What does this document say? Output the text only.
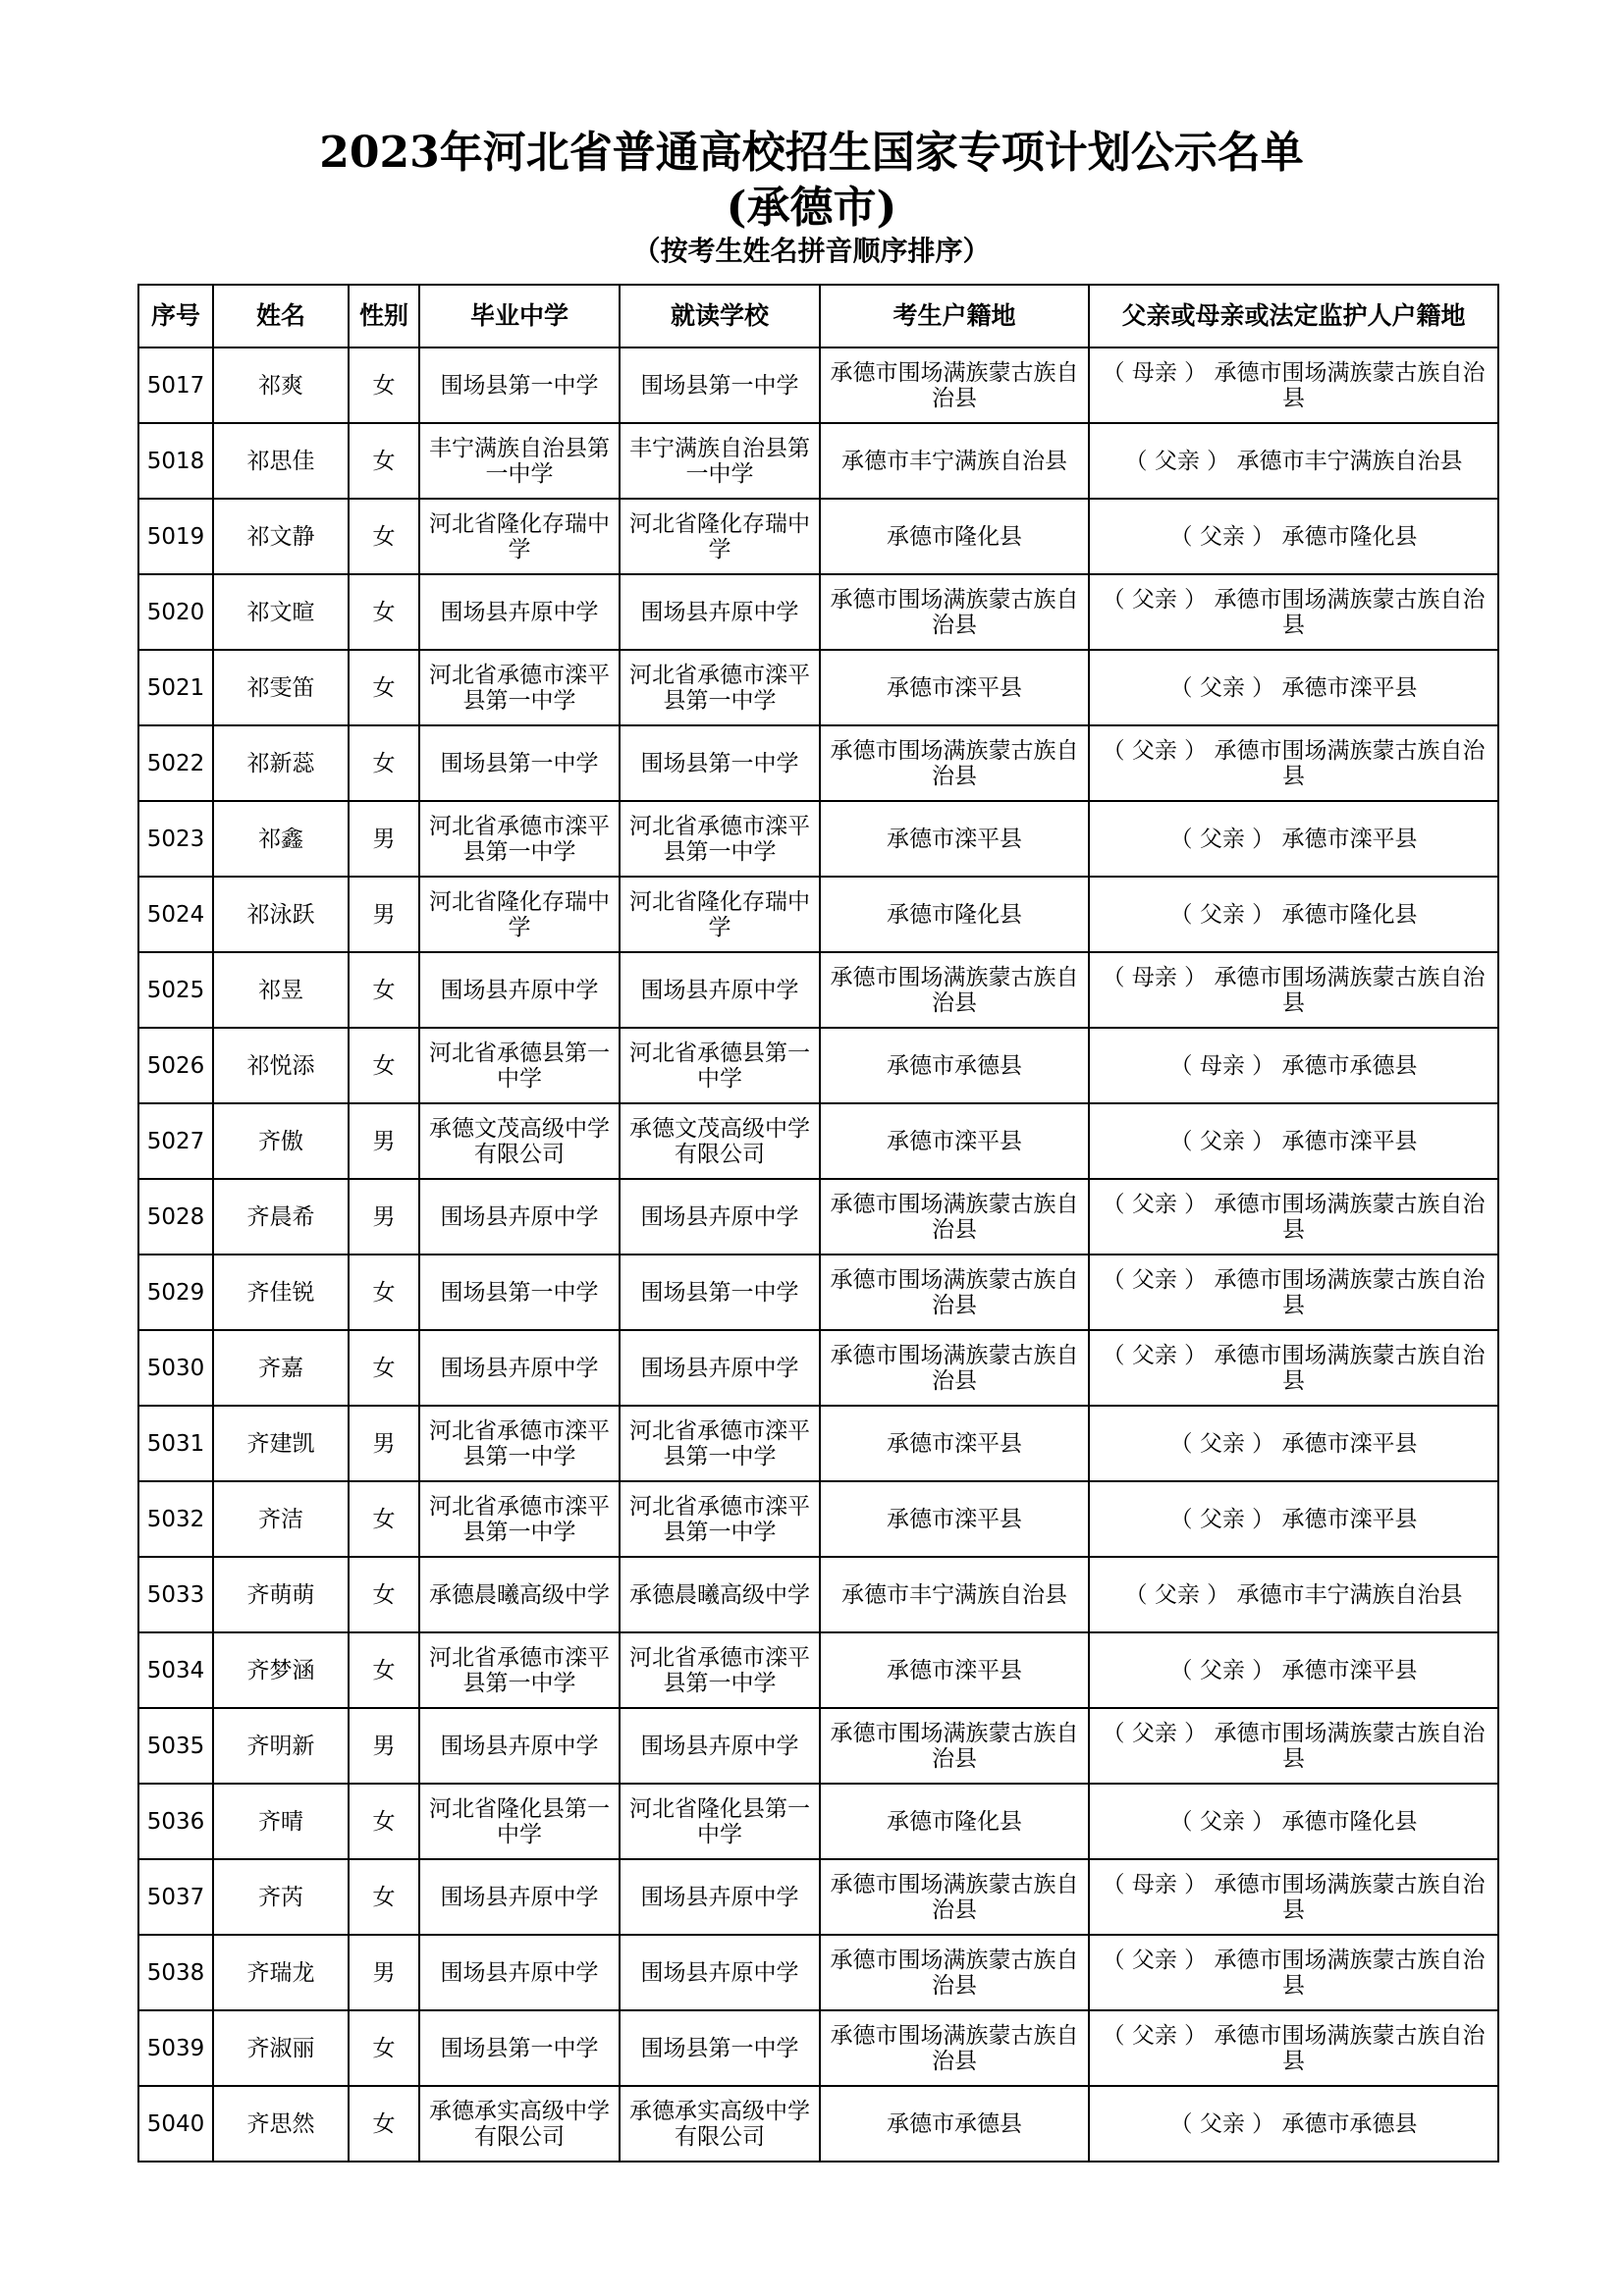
2023年河北省普通高校招生国家专项计划公示名单
(承德市)
（按考生姓名拼音顺序排序）
序号	姓名	性别	毕业中学	就读学校	考生户籍地	父亲或母亲或法定监护人户籍地
5017	祁爽	女	围场县第一中学	围场县第一中学	承德市围场满族蒙古族自治县	（ 母亲 ） 承德市围场满族蒙古族自治县
5018	祁思佳	女	丰宁满族自治县第一中学	丰宁满族自治县第一中学	承德市丰宁满族自治县	（ 父亲 ） 承德市丰宁满族自治县
5019	祁文静	女	河北省隆化存瑞中学	河北省隆化存瑞中学	承德市隆化县	（ 父亲 ） 承德市隆化县
5020	祁文暄	女	围场县卉原中学	围场县卉原中学	承德市围场满族蒙古族自治县	（ 父亲 ） 承德市围场满族蒙古族自治县
5021	祁雯笛	女	河北省承德市滦平县第一中学	河北省承德市滦平县第一中学	承德市滦平县	（ 父亲 ） 承德市滦平县
5022	祁新蕊	女	围场县第一中学	围场县第一中学	承德市围场满族蒙古族自治县	（ 父亲 ） 承德市围场满族蒙古族自治县
5023	祁鑫	男	河北省承德市滦平县第一中学	河北省承德市滦平县第一中学	承德市滦平县	（ 父亲 ） 承德市滦平县
5024	祁泳跃	男	河北省隆化存瑞中学	河北省隆化存瑞中学	承德市隆化县	（ 父亲 ） 承德市隆化县
5025	祁昱	女	围场县卉原中学	围场县卉原中学	承德市围场满族蒙古族自治县	（ 母亲 ） 承德市围场满族蒙古族自治县
5026	祁悦添	女	河北省承德县第一中学	河北省承德县第一中学	承德市承德县	（ 母亲 ） 承德市承德县
5027	齐傲	男	承德文茂高级中学有限公司	承德文茂高级中学有限公司	承德市滦平县	（ 父亲 ） 承德市滦平县
5028	齐晨希	男	围场县卉原中学	围场县卉原中学	承德市围场满族蒙古族自治县	（ 父亲 ） 承德市围场满族蒙古族自治县
5029	齐佳锐	女	围场县第一中学	围场县第一中学	承德市围场满族蒙古族自治县	（ 父亲 ） 承德市围场满族蒙古族自治县
5030	齐嘉	女	围场县卉原中学	围场县卉原中学	承德市围场满族蒙古族自治县	（ 父亲 ） 承德市围场满族蒙古族自治县
5031	齐建凯	男	河北省承德市滦平县第一中学	河北省承德市滦平县第一中学	承德市滦平县	（ 父亲 ） 承德市滦平县
5032	齐洁	女	河北省承德市滦平县第一中学	河北省承德市滦平县第一中学	承德市滦平县	（ 父亲 ） 承德市滦平县
5033	齐萌萌	女	承德晨曦高级中学	承德晨曦高级中学	承德市丰宁满族自治县	（ 父亲 ） 承德市丰宁满族自治县
5034	齐梦涵	女	河北省承德市滦平县第一中学	河北省承德市滦平县第一中学	承德市滦平县	（ 父亲 ） 承德市滦平县
5035	齐明新	男	围场县卉原中学	围场县卉原中学	承德市围场满族蒙古族自治县	（ 父亲 ） 承德市围场满族蒙古族自治县
5036	齐晴	女	河北省隆化县第一中学	河北省隆化县第一中学	承德市隆化县	（ 父亲 ） 承德市隆化县
5037	齐芮	女	围场县卉原中学	围场县卉原中学	承德市围场满族蒙古族自治县	（ 母亲 ） 承德市围场满族蒙古族自治县
5038	齐瑞龙	男	围场县卉原中学	围场县卉原中学	承德市围场满族蒙古族自治县	（ 父亲 ） 承德市围场满族蒙古族自治县
5039	齐淑丽	女	围场县第一中学	围场县第一中学	承德市围场满族蒙古族自治县	（ 父亲 ） 承德市围场满族蒙古族自治县
5040	齐思然	女	承德承实高级中学有限公司	承德承实高级中学有限公司	承德市承德县	（ 父亲 ） 承德市承德县
